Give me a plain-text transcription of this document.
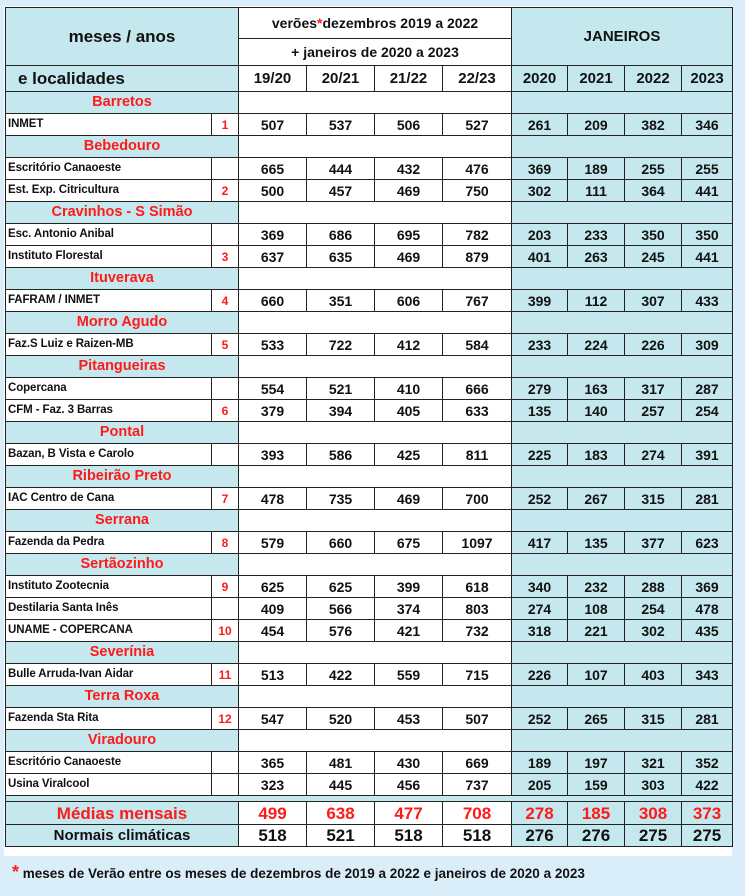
meses / anos		verões*dezembros 2019 a 2022				JANEIROS			
		+ janeiros de 2020 a 2023							
e localidades		19/20	20/21	21/22	22/23	2020	2021	2022	2023
Barretos									
INMET	1	507	537	506	527	261	209	382	346
Bebedouro									
Escritório Canaoeste		665	444	432	476	369	189	255	255
Est. Exp. Citricultura	2	500	457	469	750	302	111	364	441
Cravinhos - S Simão									
Esc. Antonio Anibal		369	686	695	782	203	233	350	350
Instituto Florestal	3	637	635	469	879	401	263	245	441
Ituverava									
FAFRAM / INMET	4	660	351	606	767	399	112	307	433
Morro Agudo									
Faz.S Luiz e Raizen-MB	5	533	722	412	584	233	224	226	309
Pitangueiras									
Copercana		554	521	410	666	279	163	317	287
CFM - Faz. 3 Barras	6	379	394	405	633	135	140	257	254
Pontal									
Bazan, B Vista e Carolo		393	586	425	811	225	183	274	391
Ribeirão Preto									
IAC Centro de Cana	7	478	735	469	700	252	267	315	281
Serrana									
Fazenda da Pedra	8	579	660	675	1097	417	135	377	623
Sertãozinho									
Instituto Zootecnia	9	625	625	399	618	340	232	288	369
Destilaria Santa Inês		409	566	374	803	274	108	254	478
UNAME - COPERCANA	10	454	576	421	732	318	221	302	435
Severínia									
Bulle Arruda-Ivan Aidar	11	513	422	559	715	226	107	403	343
Terra Roxa									
Fazenda Sta Rita	12	547	520	453	507	252	265	315	281
Viradouro									
Escritório Canaoeste		365	481	430	669	189	197	321	352
Usina Viralcool		323	445	456	737	205	159	303	422

Médias mensais		499	638	477	708	278	185	308	373
Normais climáticas		518	521	518	518	276	276	275	275
* meses de Verão entre os meses de dezembros de 2019 a 2022 e janeiros de 2020 a 2023
